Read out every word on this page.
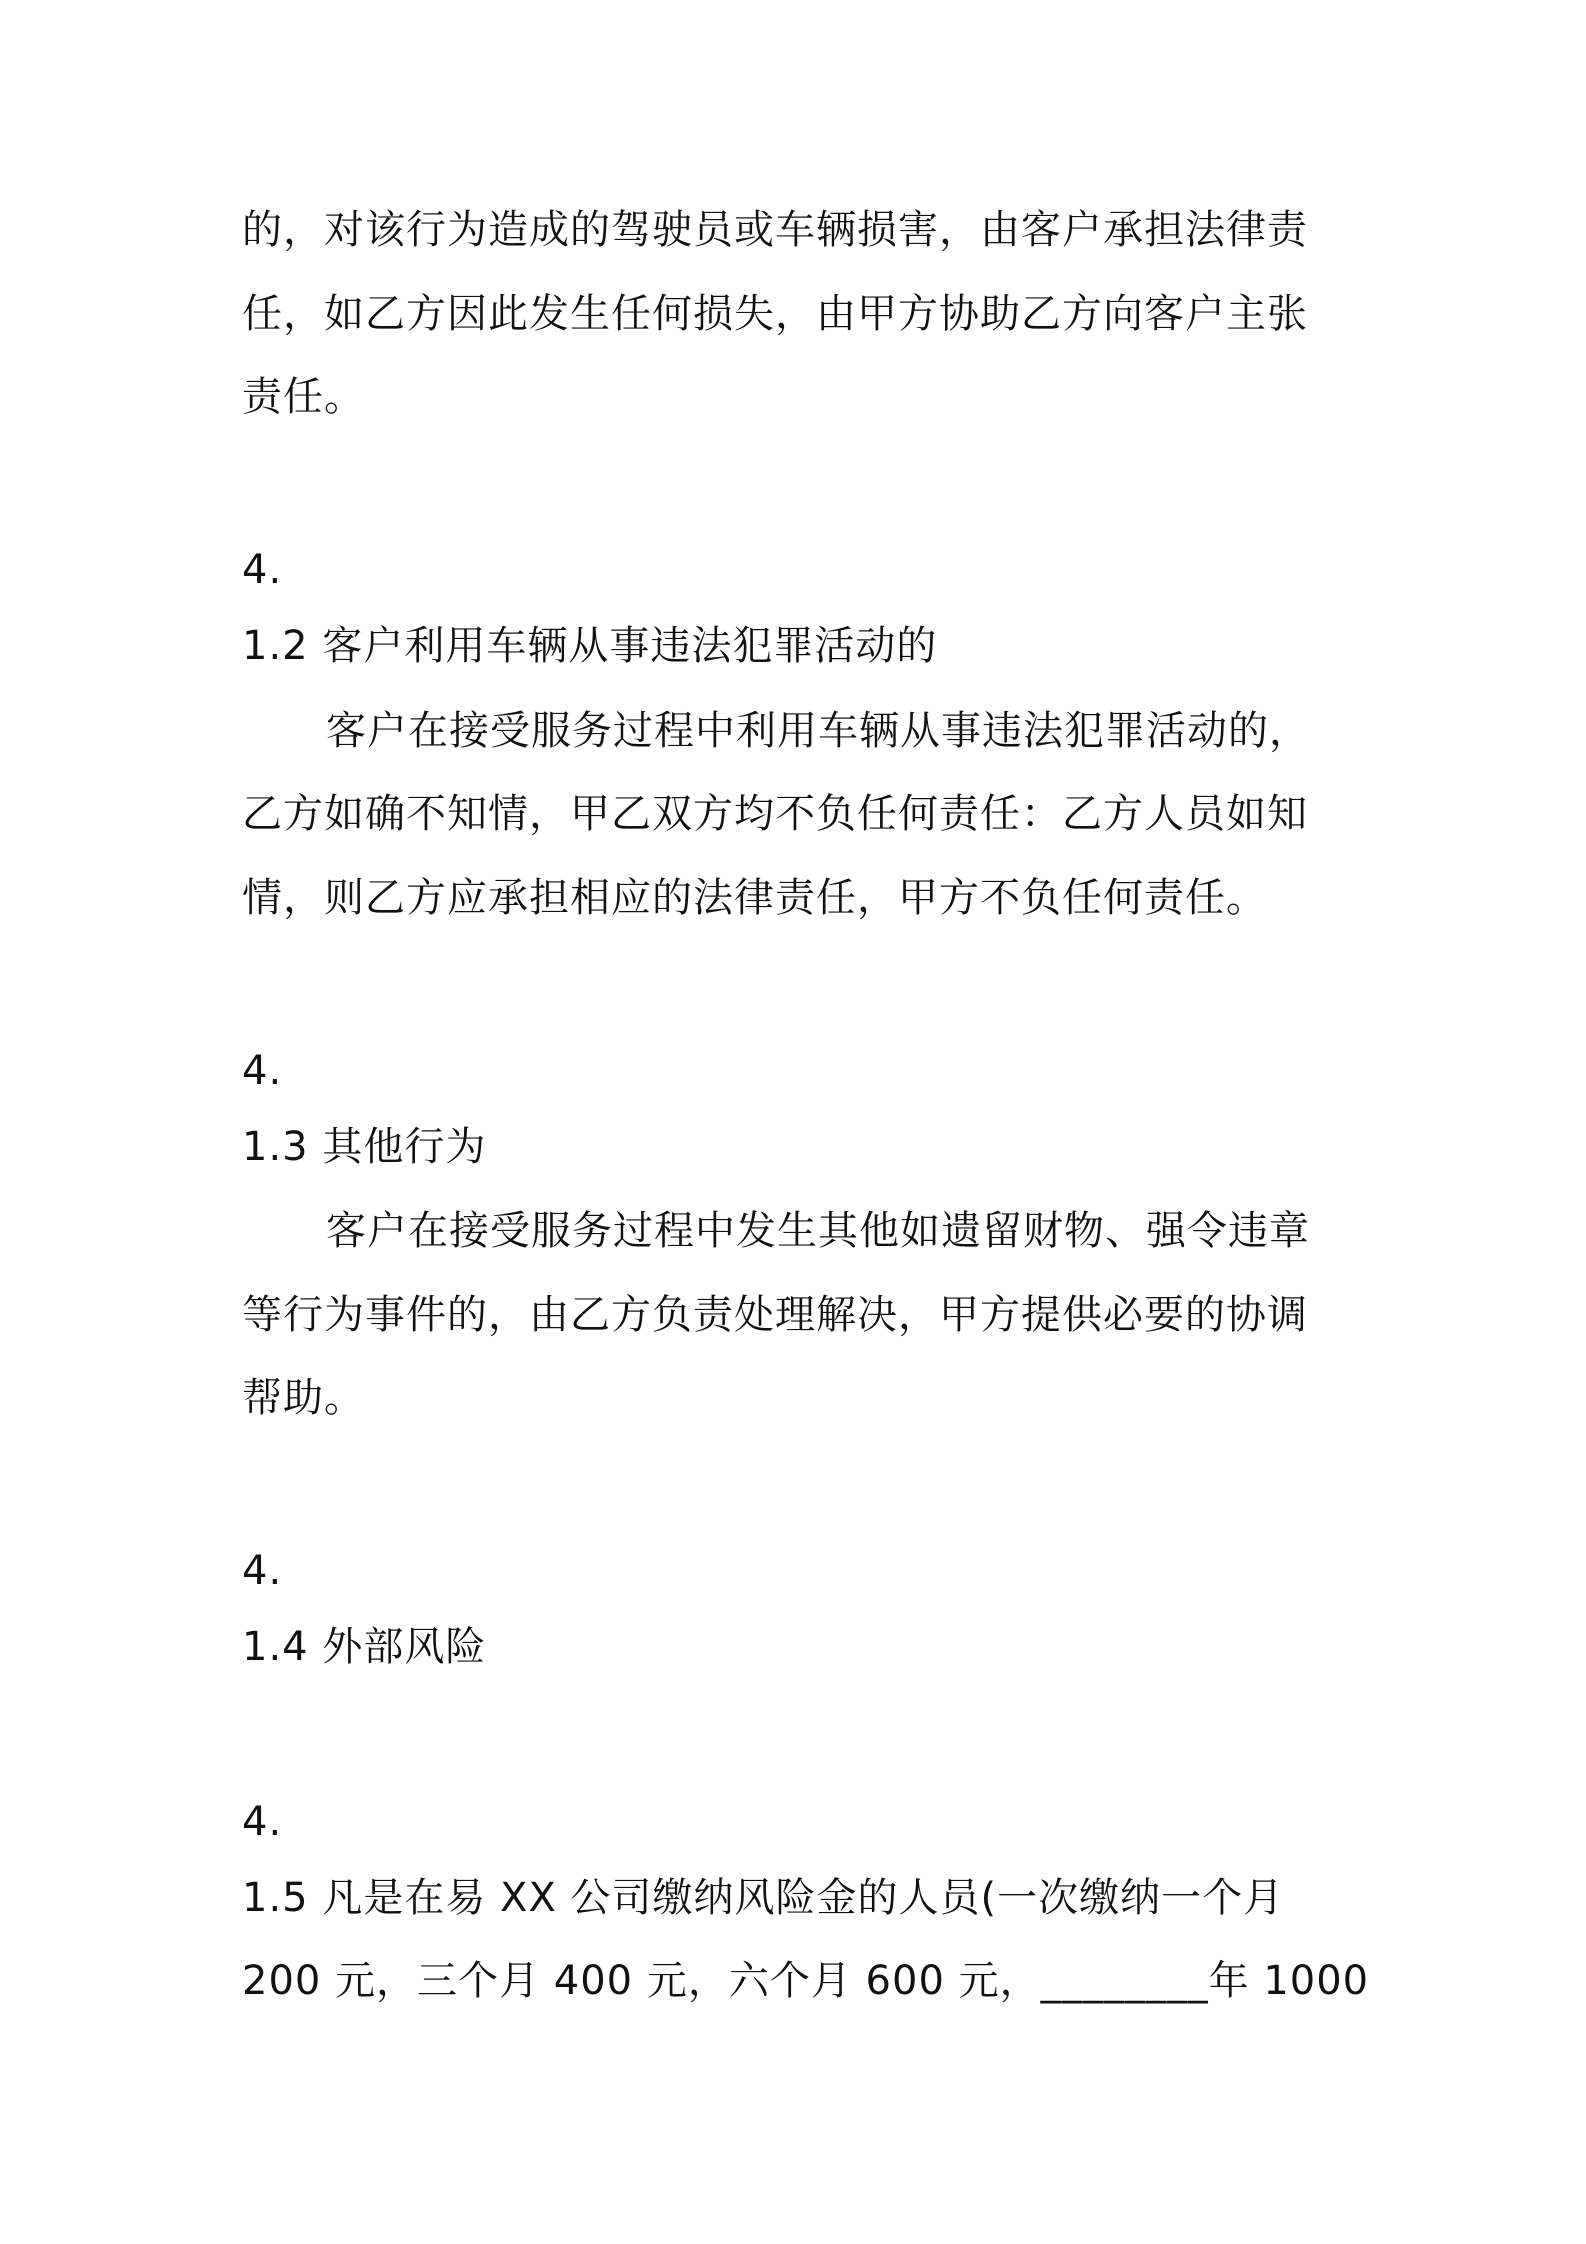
的，对该行为造成的驾驶员或车辆损害，由客户承担法律责
任，如乙方因此发生任何损失，由甲方协助乙方向客户主张
责任。
4.
1.2 客户利用车辆从事违法犯罪活动的
客户在接受服务过程中利用车辆从事违法犯罪活动的，
乙方如确不知情，甲乙双方均不负任何责任：乙方人员如知
情，则乙方应承担相应的法律责任，甲方不负任何责任。
4.
1.3 其他行为
客户在接受服务过程中发生其他如遗留财物、强令违章
等行为事件的，由乙方负责处理解决，甲方提供必要的协调
帮助。
4.
1.4 外部风险
4.
1.5 凡是在易 XX 公司缴纳风险金的人员(一次缴纳一个月
200 元，三个月 400 元，六个月 600 元，________年 1000
